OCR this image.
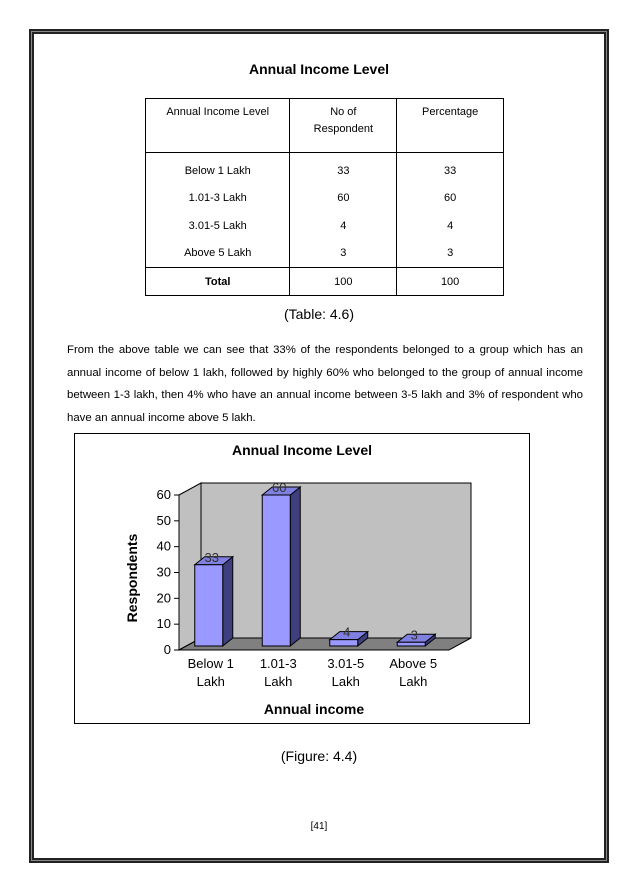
Annual Income Level
Annual Income Level	No of Respondent	Percentage
Below 1 Lakh	33	33
1.01-3 Lakh	60	60
3.01-5 Lakh	4	4
Above 5 Lakh	3	3
Total	100	100
(Table: 4.6)
From the above table we can see that 33% of the respondents belonged to a group which has an annual income of below 1 lakh, followed by highly 60% who belonged to the group of annual income between 1-3 lakh, then 4% who have an annual income between 3-5 lakh and 3% of respondent who have an annual income above 5 lakh.
0
10
20
30
40
50
60
33
Below 1
Lakh
60
1.01-3
Lakh
4
3.01-5
Lakh
3
Above 5
Lakh
Annual Income Level
Annual income
Respondents
(Figure: 4.4)
[41]
